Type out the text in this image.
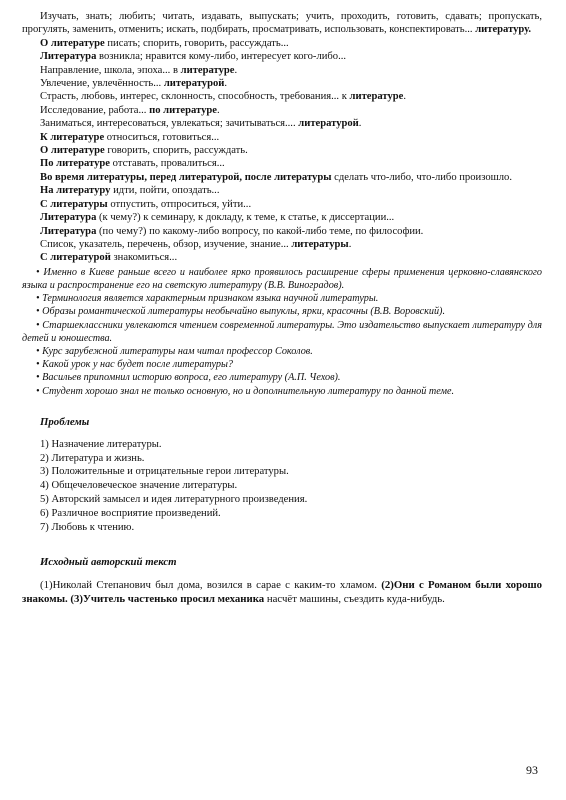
Изучать, знать; любить; читать, издавать, выпускать; учить, проходить, готовить, сдавать; пропускать, прогулять, заменить, отменить; искать, подбирать, просматривать, использовать, конспектировать... литературу.

О литературе писать; спорить, говорить, рассуждать...

Литература возникла; нравится кому-либо, интересует кого-либо...

Направление, школа, эпоха... в литературе.

Увлечение, увлечённость... литературой.

Страсть, любовь, интерес, склонность, способность, требования... к литературе.

Исследование, работа... по литературе.

Заниматься, интересоваться, увлекаться; зачитываться.... литературой.

К литературе относиться, готовиться...

О литературе говорить, спорить, рассуждать.

По литературе отставать, провалиться...

Во время литературы, перед литературой, после литературы сделать что-либо, что-либо произошло.

На литературу идти, пойти, опоздать...

С литературы отпустить, отпроситься, уйти...

Литература (к чему?) к семинару, к докладу, к теме, к статье, к диссертации...

Литература (по чему?) по какому-либо вопросу, по какой-либо теме, по философии.

Список, указатель, перечень, обзор, изучение, знание... литературы.

С литературой знакомиться...

• Именно в Киеве раньше всего и наиболее ярко проявилось расширение сферы применения церковно-славянского языка и распространение его на светскую литературу (В.В. Виноградов).

• Терминология является характерным признаком языка научной литературы.

• Образы романтической литературы необычайно выпуклы, ярки, красочны (В.В. Воровский).

• Старшеклассники увлекаются чтением современной литературы. Это издательство выпускает литературу для детей и юношества.

• Курс зарубежной литературы нам читал профессор Соколов.

• Какой урок у нас будет после литературы?

• Васильев припомнил историю вопроса, его литературу (А.П. Чехов).

• Студент хорошо знал не только основную, но и дополнительную литературу по данной теме.

Проблемы
1) Назначение литературы.
2) Литература и жизнь.
3) Положительные и отрицательные герои литературы.
4) Общечеловеческое значение литературы.
5) Авторский замысел и идея литературного произведения.
6) Различное восприятие произведений.
7) Любовь к чтению.
Исходный авторский текст

(1)Николай Степанович был дома, возился в сарае с каким-то хламом. (2)Они с Романом были хорошо знакомы. (3)Учитель частенько просил механика насчёт машины, съездить куда-нибудь.

93
